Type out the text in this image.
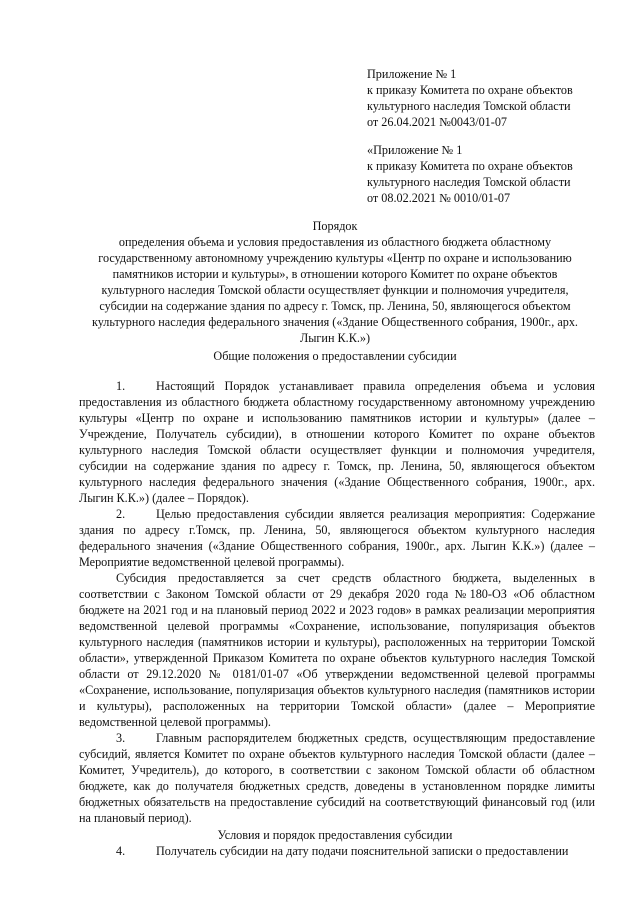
Приложение № 1
к приказу Комитета по охране объектов
культурного наследия Томской области
от 26.04.2021 №0043/01-07
«Приложение № 1
к приказу Комитета по охране объектов
культурного наследия Томской области
от 08.02.2021 № 0010/01-07
Порядок
определения объема и условия предоставления из областного бюджета областному
государственному автономному учреждению культуры «Центр по охране и использованию
памятников истории и культуры», в отношении которого Комитет по охране объектов
культурного наследия Томской области осуществляет функции и полномочия учредителя,
субсидии на содержание здания по адресу г. Томск, пр. Ленина, 50, являющегося объектом
культурного наследия федерального значения («Здание Общественного собрания, 1900г., арх.
Лыгин К.К.»)
Общие положения о предоставлении субсидии

1.	Настоящий Порядок устанавливает правила определения объема и условия предоставления из областного бюджета областному государственному автономному учреждению культуры «Центр по охране и использованию памятников истории и культуры» (далее – Учреждение, Получатель субсидии), в отношении которого Комитет по охране объектов культурного наследия Томской области осуществляет функции и полномочия учредителя, субсидии на содержание здания по адресу г. Томск, пр. Ленина, 50, являющегося объектом культурного наследия федерального значения («Здание Общественного собрания, 1900г., арх. Лыгин К.К.») (далее – Порядок).

2.	Целью предоставления субсидии является реализация мероприятия: Содержание здания по адресу г.Томск, пр. Ленина, 50, являющегося объектом культурного наследия федерального значения («Здание Общественного собрания, 1900г., арх. Лыгин К.К.») (далее – Мероприятие ведомственной целевой программы).

Субсидия предоставляется за счет средств областного бюджета, выделенных в соответствии с Законом Томской области от 29 декабря 2020 года №180-ОЗ «Об областном бюджете на 2021 год и на плановый период 2022 и 2023 годов» в рамках реализации мероприятия ведомственной целевой программы «Сохранение, использование, популяризация объектов культурного наследия (памятников истории и культуры), расположенных на территории Томской области», утвержденной Приказом Комитета по охране объектов культурного наследия Томской области от 29.12.2020 № 0181/01-07 «Об утверждении ведомственной целевой программы «Сохранение, использование, популяризация объектов культурного наследия (памятников истории и культуры), расположенных на территории Томской области» (далее – Мероприятие ведомственной целевой программы).

3.	Главным распорядителем бюджетных средств, осуществляющим предоставление субсидий, является Комитет по охране объектов культурного наследия Томской области (далее – Комитет, Учредитель), до которого, в соответствии с законом Томской области об областном бюджете, как до получателя бюджетных средств, доведены в установленном порядке лимиты бюджетных обязательств на предоставление субсидий на соответствующий финансовый год (или на плановый период).

Условия и порядок предоставления субсидии
4.	Получатель субсидии на дату подачи пояснительной записки о предоставлении
